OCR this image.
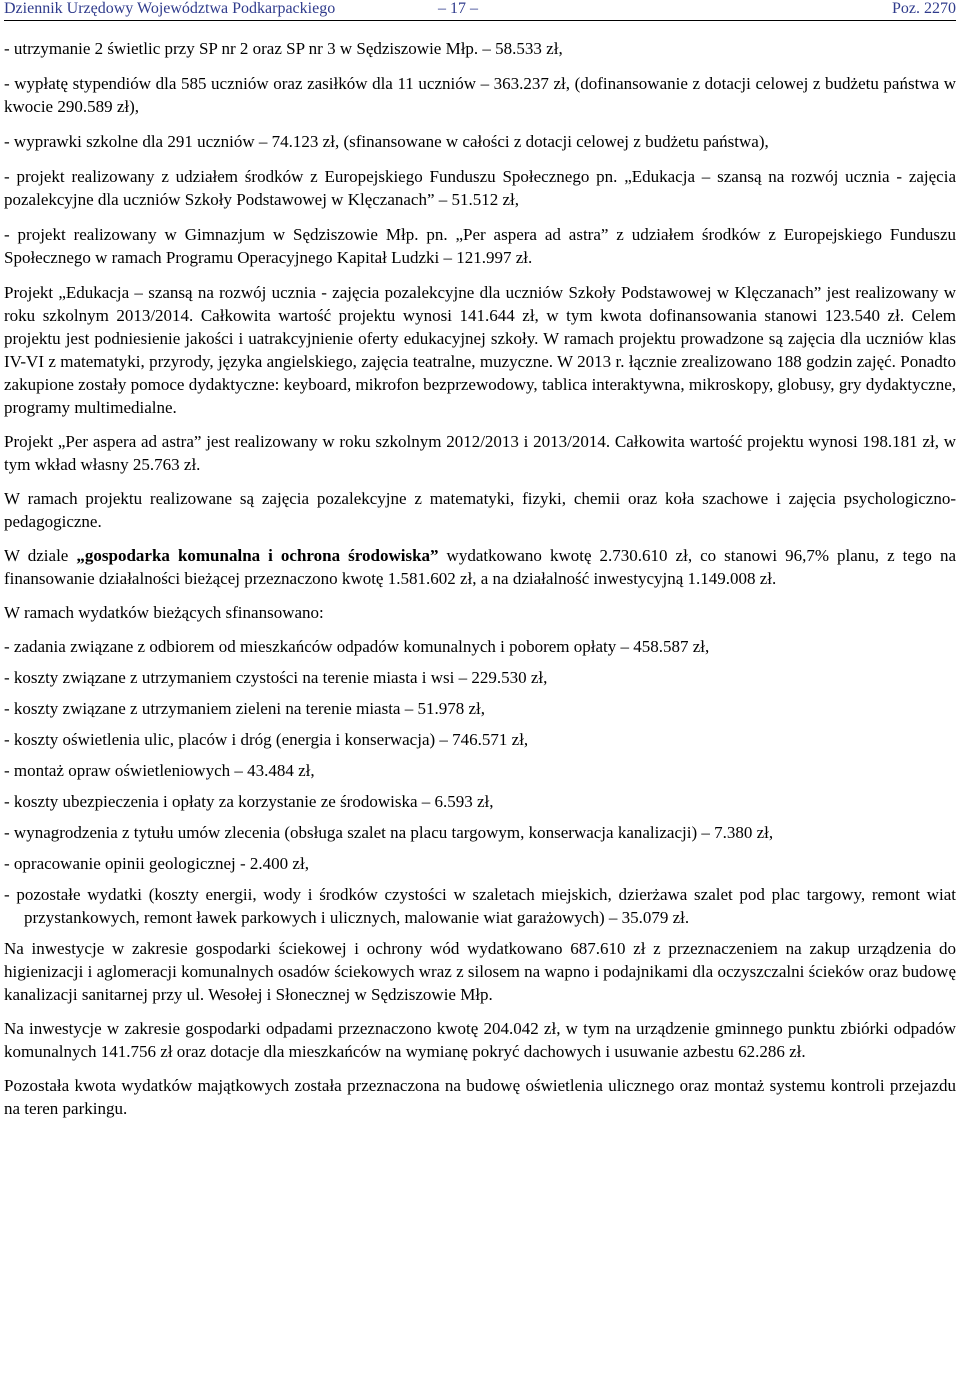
Dziennik Urzędowy Województwa Podkarpackiego	– 17 –	Poz. 2270

- utrzymanie 2 świetlic przy SP nr 2 oraz SP nr 3 w Sędziszowie Młp. – 58.533 zł,

- wypłatę stypendiów dla 585 uczniów oraz zasiłków dla 11 uczniów – 363.237 zł, (dofinansowanie z dotacji celowej z budżetu państwa w kwocie 290.589 zł),

- wyprawki szkolne dla 291 uczniów – 74.123 zł, (sfinansowane w całości z dotacji celowej z budżetu państwa),

- projekt realizowany z udziałem środków z Europejskiego Funduszu Społecznego pn. „Edukacja – szansą na rozwój ucznia - zajęcia pozalekcyjne dla uczniów Szkoły Podstawowej w Klęczanach” – 51.512 zł,

- projekt realizowany w Gimnazjum w Sędziszowie Młp. pn. „Per aspera ad astra” z udziałem środków z Europejskiego Funduszu Społecznego w ramach Programu Operacyjnego Kapitał Ludzki – 121.997 zł.

Projekt „Edukacja – szansą na rozwój ucznia - zajęcia pozalekcyjne dla uczniów Szkoły Podstawowej w Klęczanach” jest realizowany w roku szkolnym 2013/2014. Całkowita wartość projektu wynosi 141.644 zł, w tym kwota dofinansowania stanowi 123.540 zł. Celem projektu jest podniesienie jakości i uatrakcyjnienie oferty edukacyjnej szkoły. W ramach projektu prowadzone są zajęcia dla uczniów klas IV-VI z matematyki, przyrody, języka angielskiego, zajęcia teatralne, muzyczne. W 2013 r. łącznie zrealizowano 188 godzin zajęć. Ponadto zakupione zostały pomoce dydaktyczne: keyboard, mikrofon bezprzewodowy, tablica interaktywna, mikroskopy, globusy, gry dydaktyczne, programy multimedialne.

Projekt „Per aspera ad astra” jest realizowany w roku szkolnym 2012/2013 i 2013/2014. Całkowita wartość projektu wynosi 198.181 zł, w tym wkład własny 25.763 zł.

W ramach projektu realizowane są zajęcia pozalekcyjne z matematyki, fizyki, chemii oraz koła szachowe i zajęcia psychologiczno-pedagogiczne.

W dziale „gospodarka komunalna i ochrona środowiska” wydatkowano kwotę 2.730.610 zł, co stanowi 96,7% planu, z tego na finansowanie działalności bieżącej przeznaczono kwotę 1.581.602 zł, a na działalność inwestycyjną 1.149.008 zł.

W ramach wydatków bieżących sfinansowano:

- zadania związane z odbiorem od mieszkańców odpadów komunalnych i poborem opłaty – 458.587 zł,

- koszty związane z utrzymaniem czystości na terenie miasta i wsi – 229.530 zł,

- koszty związane z utrzymaniem zieleni na terenie miasta – 51.978 zł,

- koszty oświetlenia ulic, placów i dróg (energia i konserwacja) – 746.571 zł,

- montaż opraw oświetleniowych – 43.484 zł,

- koszty ubezpieczenia i opłaty za korzystanie ze środowiska – 6.593 zł,

- wynagrodzenia z tytułu umów zlecenia (obsługa szalet na placu targowym, konserwacja kanalizacji) – 7.380 zł,

- opracowanie opinii geologicznej - 2.400 zł,

- pozostałe wydatki (koszty energii, wody i środków czystości w szaletach miejskich, dzierżawa szalet pod plac targowy, remont wiat przystankowych, remont ławek parkowych i ulicznych, malowanie wiat garażowych) – 35.079 zł.

Na inwestycje w zakresie gospodarki ściekowej i ochrony wód wydatkowano 687.610 zł z przeznaczeniem na zakup urządzenia do higienizacji i aglomeracji komunalnych osadów ściekowych wraz z silosem na wapno i podajnikami dla oczyszczalni ścieków oraz budowę kanalizacji sanitarnej przy ul. Wesołej i Słonecznej w Sędziszowie Młp.

Na inwestycje w zakresie gospodarki odpadami przeznaczono kwotę 204.042 zł, w tym na urządzenie gminnego punktu zbiórki odpadów komunalnych 141.756 zł oraz dotacje dla mieszkańców na wymianę pokryć dachowych i usuwanie azbestu 62.286 zł.

Pozostała kwota wydatków majątkowych została przeznaczona na budowę oświetlenia ulicznego oraz montaż systemu kontroli przejazdu na teren parkingu.
